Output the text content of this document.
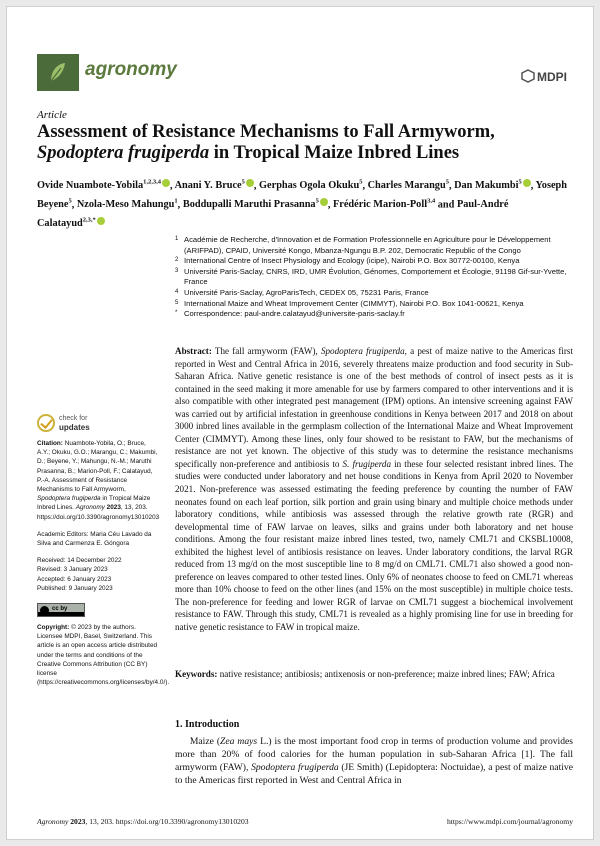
agronomy	MDPI
Article
Assessment of Resistance Mechanisms to Fall Armyworm,
Spodoptera frugiperda in Tropical Maize Inbred Lines
Ovide Nuambote-Yobila$^{1,2,3,4}$ , Anani Y. Bruce$^5$ , Gerphas Ogola Okuku$^5$, Charles Marangu$^5$, Dan Makumbi$^5$ , Yoseph Beyene$^5$, Nzola-Meso Mahungu$^1$, Boddupalli Maruthi Prasanna$^5$ , Frédéric Marion-Poll$^{3,4}$ and Paul-André Calatayud$^{2,3,*}$
1 Académie de Recherche, d'Innovation et de Formation Professionnelle en Agriculture pour le Développement (ARIFPAD), CPAID, Université Kongo, Mbanza-Ngungu B.P. 202, Democratic Republic of the Congo
2 International Centre of Insect Physiology and Ecology (icipe), Nairobi P.O. Box 30772-00100, Kenya
3 Université Paris-Saclay, CNRS, IRD, UMR Évolution, Génomes, Comportement et Écologie, 91198 Gif-sur-Yvette, France
4 Université Paris-Saclay, AgroParisTech, CEDEX 05, 75231 Paris, France
5 International Maize and Wheat Improvement Center (CIMMYT), Nairobi P.O. Box 1041-00621, Kenya
* Correspondence: paul-andre.calatayud@universite-paris-saclay.fr
Abstract: The fall armyworm (FAW), Spodoptera frugiperda, a pest of maize native to the Americas first reported in West and Central Africa in 2016, severely threatens maize production and food security in Sub-Saharan Africa. Native genetic resistance is one of the best methods of control of insect pests as it is contained in the seed making it more amenable for use by farmers compared to other interventions and it is also compatible with other integrated pest management (IPM) options. An intensive screening against FAW was carried out by artificial infestation in greenhouse conditions in Kenya between 2017 and 2018 on about 3000 inbred lines available in the germplasm collection of the International Maize and Wheat Improvement Center (CIMMYT). Among these lines, only four showed to be resistant to FAW, but the mechanisms of resistance are not yet known. The objective of this study was to determine the resistance mechanisms specifically non-preference and antibiosis to S. frugiperda in these four selected resistant inbred lines. The studies were conducted under laboratory and net house conditions in Kenya from April 2020 to November 2021. Non-preference was assessed estimating the feeding preference by counting the number of FAW neonates found on each leaf portion, silk portion and grain using binary and multiple choice methods under laboratory conditions, while antibiosis was assessed through the relative growth rate (RGR) and developmental time of FAW larvae on leaves, silks and grains under both laboratory and net house conditions. Among the four resistant maize inbred lines tested, two, namely CML71 and CKSBL10008, exhibited the highest level of antibiosis resistance on leaves. Under laboratory conditions, the larval RGR reduced from 13 mg/d on the most susceptible line to 8 mg/d on CML71. CML71 also showed a good non-preference on leaves compared to other tested lines. Only 6% of neonates choose to feed on CML71 whereas more than 10% choose to feed on the other lines (and 15% on the most susceptible) in multiple choice tests. The non-preference for feeding and lower RGR of larvae on CML71 suggest a biochemical involvement resistance to FAW. Through this study, CML71 is revealed as a highly promising line for use in breeding for native genetic resistance to FAW in tropical maize.
Keywords: native resistance; antibiosis; antixenosis or non-preference; maize inbred lines; FAW; Africa
1. Introduction
Maize (Zea mays L.) is the most important food crop in terms of production volume and provides more than 20% of food calories for the human population in sub-Saharan Africa [1]. The fall armyworm (FAW), Spodoptera frugiperda (JE Smith) (Lepidoptera: Noctuidae), a pest of maize native to the Americas first reported in West and Central Africa in
check for
updates
Citation: Nuambote-Yobila, O.; Bruce, A.Y.; Okuku, G.O.; Marangu, C.; Makumbi, D.; Beyene, Y.; Mahungu, N.-M.; Maruthi Prasanna, B.; Marion-Poll, F.; Calatayud, P.-A. Assessment of Resistance Mechanisms to Fall Armyworm, Spodoptera frugiperda in Tropical Maize Inbred Lines. Agronomy 2023, 13, 203. https://doi.org/10.3390/agronomy13010203
Academic Editors: Maria Céu Lavado da Silva and Carmenza E. Góngora
Received: 14 December 2022
Revised: 3 January 2023
Accepted: 6 January 2023
Published: 9 January 2023
cc by
Copyright: © 2023 by the authors. Licensee MDPI, Basel, Switzerland. This article is an open access article distributed under the terms and conditions of the Creative Commons Attribution (CC BY) license (https://creativecommons.org/licenses/by/4.0/).
Agronomy 2023, 13, 203. https://doi.org/10.3390/agronomy13010203	https://www.mdpi.com/journal/agronomy
